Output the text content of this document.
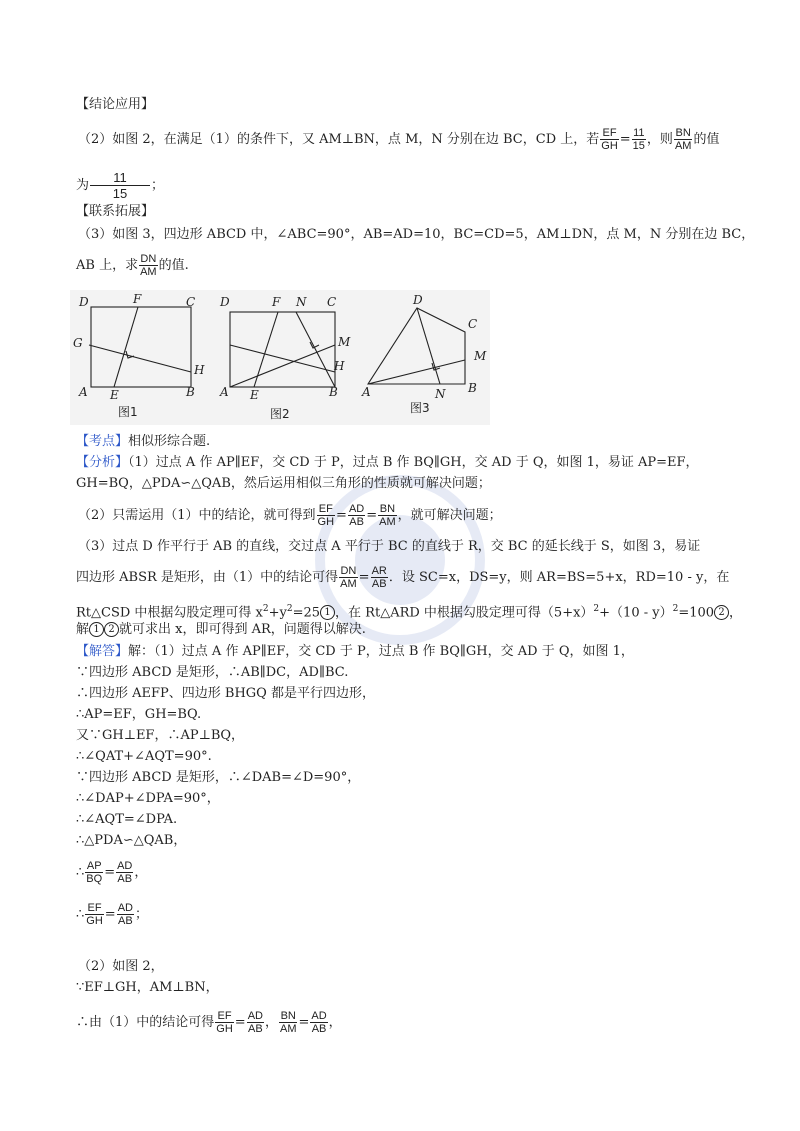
【结论应用】
（2）如图 2，在满足（1）的条件下，又 AM⊥BN，点 M，N 分别在边 BC，CD 上，若 $\frac{EF}{GH} = \frac{11}{15}$ ，则 $\frac{BN}{AM}$ 的值
为 $\frac{11}{15}$ ；
【联系拓展】
（3）如图 3，四边形 ABCD 中，∠ABC=90°，AB=AD=10，BC=CD=5，AM⊥DN，点 M，N 分别在边 BC，
AB 上，求 $\frac{DN}{AM}$ 的值.
D	F	C
G
A E	B
H
D	F N C
M
H
A E	B
D
C
M
A	N B
图1	图2	图3
【考点】相似形综合题.
【分析】（1）过点 A 作 AP∥EF，交 CD 于 P，过点 B 作 BQ∥GH，交 AD 于 Q，如图 1，易证 AP=EF，
GH=BQ，△PDA∽△QAB，然后运用相似三角形的性质就可解决问题；
（2）只需运用（1）中的结论，就可得到 $\frac{EF}{GH} = \frac{AD}{AB} = \frac{BN}{AM}$ ，就可解决问题；
（3）过点 D 作平行于 AB 的直线，交过点 A 平行于 BC 的直线于 R，交 BC 的延长线于 S，如图 3，易证
四边形 ABSR 是矩形，由（1）中的结论可得 $\frac{DN}{AM} = \frac{AR}{AB}$ ．设 SC=x，DS=y，则 AR=BS=5+x，RD=10 - y，在
Rt△CSD 中根据勾股定理可得 $x^2+y^2=25$ 1 ，在 Rt△ARD 中根据勾股定理可得$(5+x)^2+(10 - y)^2=100$ 2 ，
解 1 2 就可求出 x，即可得到 AR，问题得以解决.
【解答】解：（1）过点 A 作 AP∥EF，交 CD 于 P，过点 B 作 BQ∥GH，交 AD 于 Q，如图 1，
∵四边形 ABCD 是矩形，∴AB∥DC，AD∥BC.
∴四边形 AEFP、四边形 BHGQ 都是平行四边形，
∴AP=EF，GH=BQ.
又∵GH⊥EF，∴AP⊥BQ，
∴∠QAT+∠AQT=90°.
∵四边形 ABCD 是矩形，∴∠DAB=∠D=90°，
∴∠DAP+∠DPA=90°，
∴∠AQT=∠DPA.
∴△PDA∽△QAB，
∴ $\frac{AP}{BQ} = \frac{AD}{AB}$ ，
∴ $\frac{EF}{GH} = \frac{AD}{AB}$ ；
（2）如图 2，
∵EF⊥GH，AM⊥BN，
∴由（1）中的结论可得 $\frac{EF}{GH} = \frac{AD}{AB}$ ， $\frac{BN}{AM} = \frac{AD}{AB}$ ，
